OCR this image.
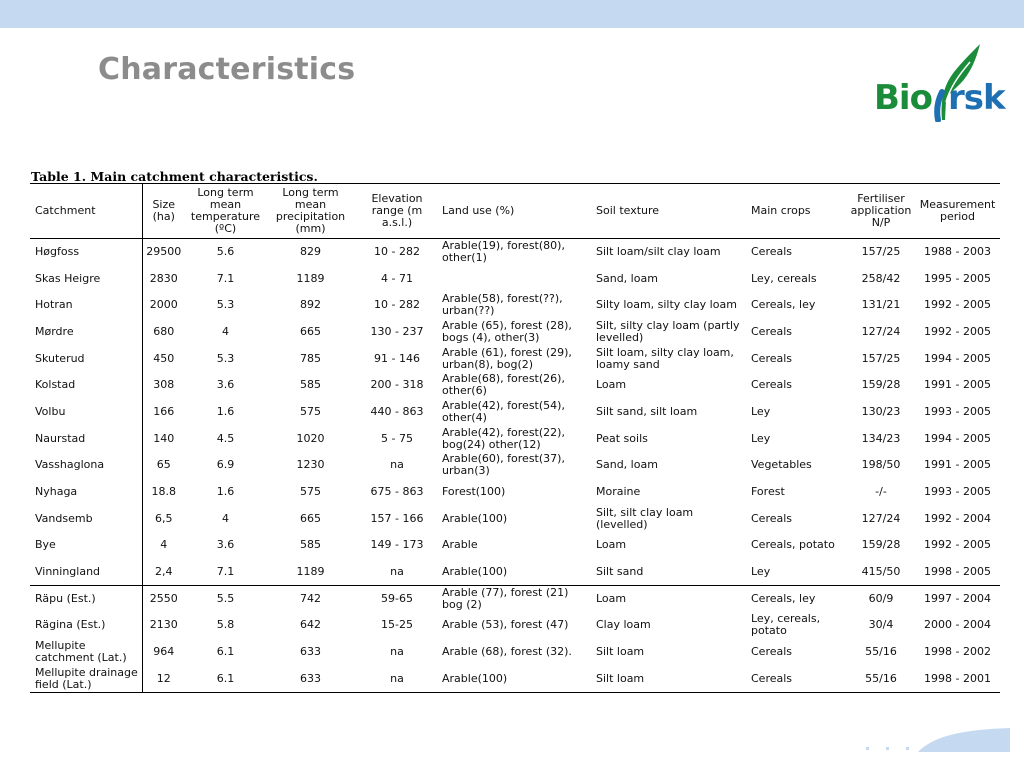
Characteristics
Bio rsk
Table 1. Main catchment characteristics.
Catchment	Size (ha)	Long term mean temperature (ºC)	Long term mean precipitation (mm)	Elevation range (m a.s.l.)	Land use (%)	Soil texture	Main crops	Fertiliser application N/P	Measurement period
Høgfoss	29500	5.6	829	10 - 282	Arable(19), forest(80), other(1)	Silt loam/silt clay loam	Cereals	157/25	1988 - 2003
Skas Heigre	2830	7.1	1189	4 - 71		Sand, loam	Ley, cereals	258/42	1995 - 2005
Hotran	2000	5.3	892	10 - 282	Arable(58), forest(??), urban(??)	Silty loam, silty clay loam	Cereals, ley	131/21	1992 - 2005
Mørdre	680	4	665	130 - 237	Arable (65), forest (28), bogs (4), other(3)	Silt, silty clay loam (partly levelled)	Cereals	127/24	1992 - 2005
Skuterud	450	5.3	785	91 - 146	Arable (61), forest (29), urban(8), bog(2)	Silt loam, silty clay loam, loamy sand	Cereals	157/25	1994 - 2005
Kolstad	308	3.6	585	200 - 318	Arable(68), forest(26), other(6)	Loam	Cereals	159/28	1991 - 2005
Volbu	166	1.6	575	440 - 863	Arable(42), forest(54), other(4)	Silt sand, silt loam	Ley	130/23	1993 - 2005
Naurstad	140	4.5	1020	5 - 75	Arable(42), forest(22), bog(24) other(12)	Peat soils	Ley	134/23	1994 - 2005
Vasshaglona	65	6.9	1230	na	Arable(60), forest(37), urban(3)	Sand, loam	Vegetables	198/50	1991 - 2005
Nyhaga	18.8	1.6	575	675 - 863	Forest(100)	Moraine	Forest	-/-	1993 - 2005
Vandsemb	6,5	4	665	157 - 166	Arable(100)	Silt, silt clay loam (levelled)	Cereals	127/24	1992 - 2004
Bye	4	3.6	585	149 - 173	Arable	Loam	Cereals, potato	159/28	1992 - 2005
Vinningland	2,4	7.1	1189	na	Arable(100)	Silt sand	Ley	415/50	1998 - 2005
Räpu (Est.)	2550	5.5	742	59-65	Arable (77), forest (21) bog (2)	Loam	Cereals, ley	60/9	1997 - 2004
Rägina (Est.)	2130	5.8	642	15-25	Arable (53), forest (47)	Clay loam	Ley, cereals, potato	30/4	2000 - 2004
Mellupite catchment (Lat.)	964	6.1	633	na	Arable (68), forest (32).	Silt loam	Cereals	55/16	1998 - 2002
Mellupite drainage field (Lat.)	12	6.1	633	na	Arable(100)	Silt loam	Cereals	55/16	1998 - 2001
